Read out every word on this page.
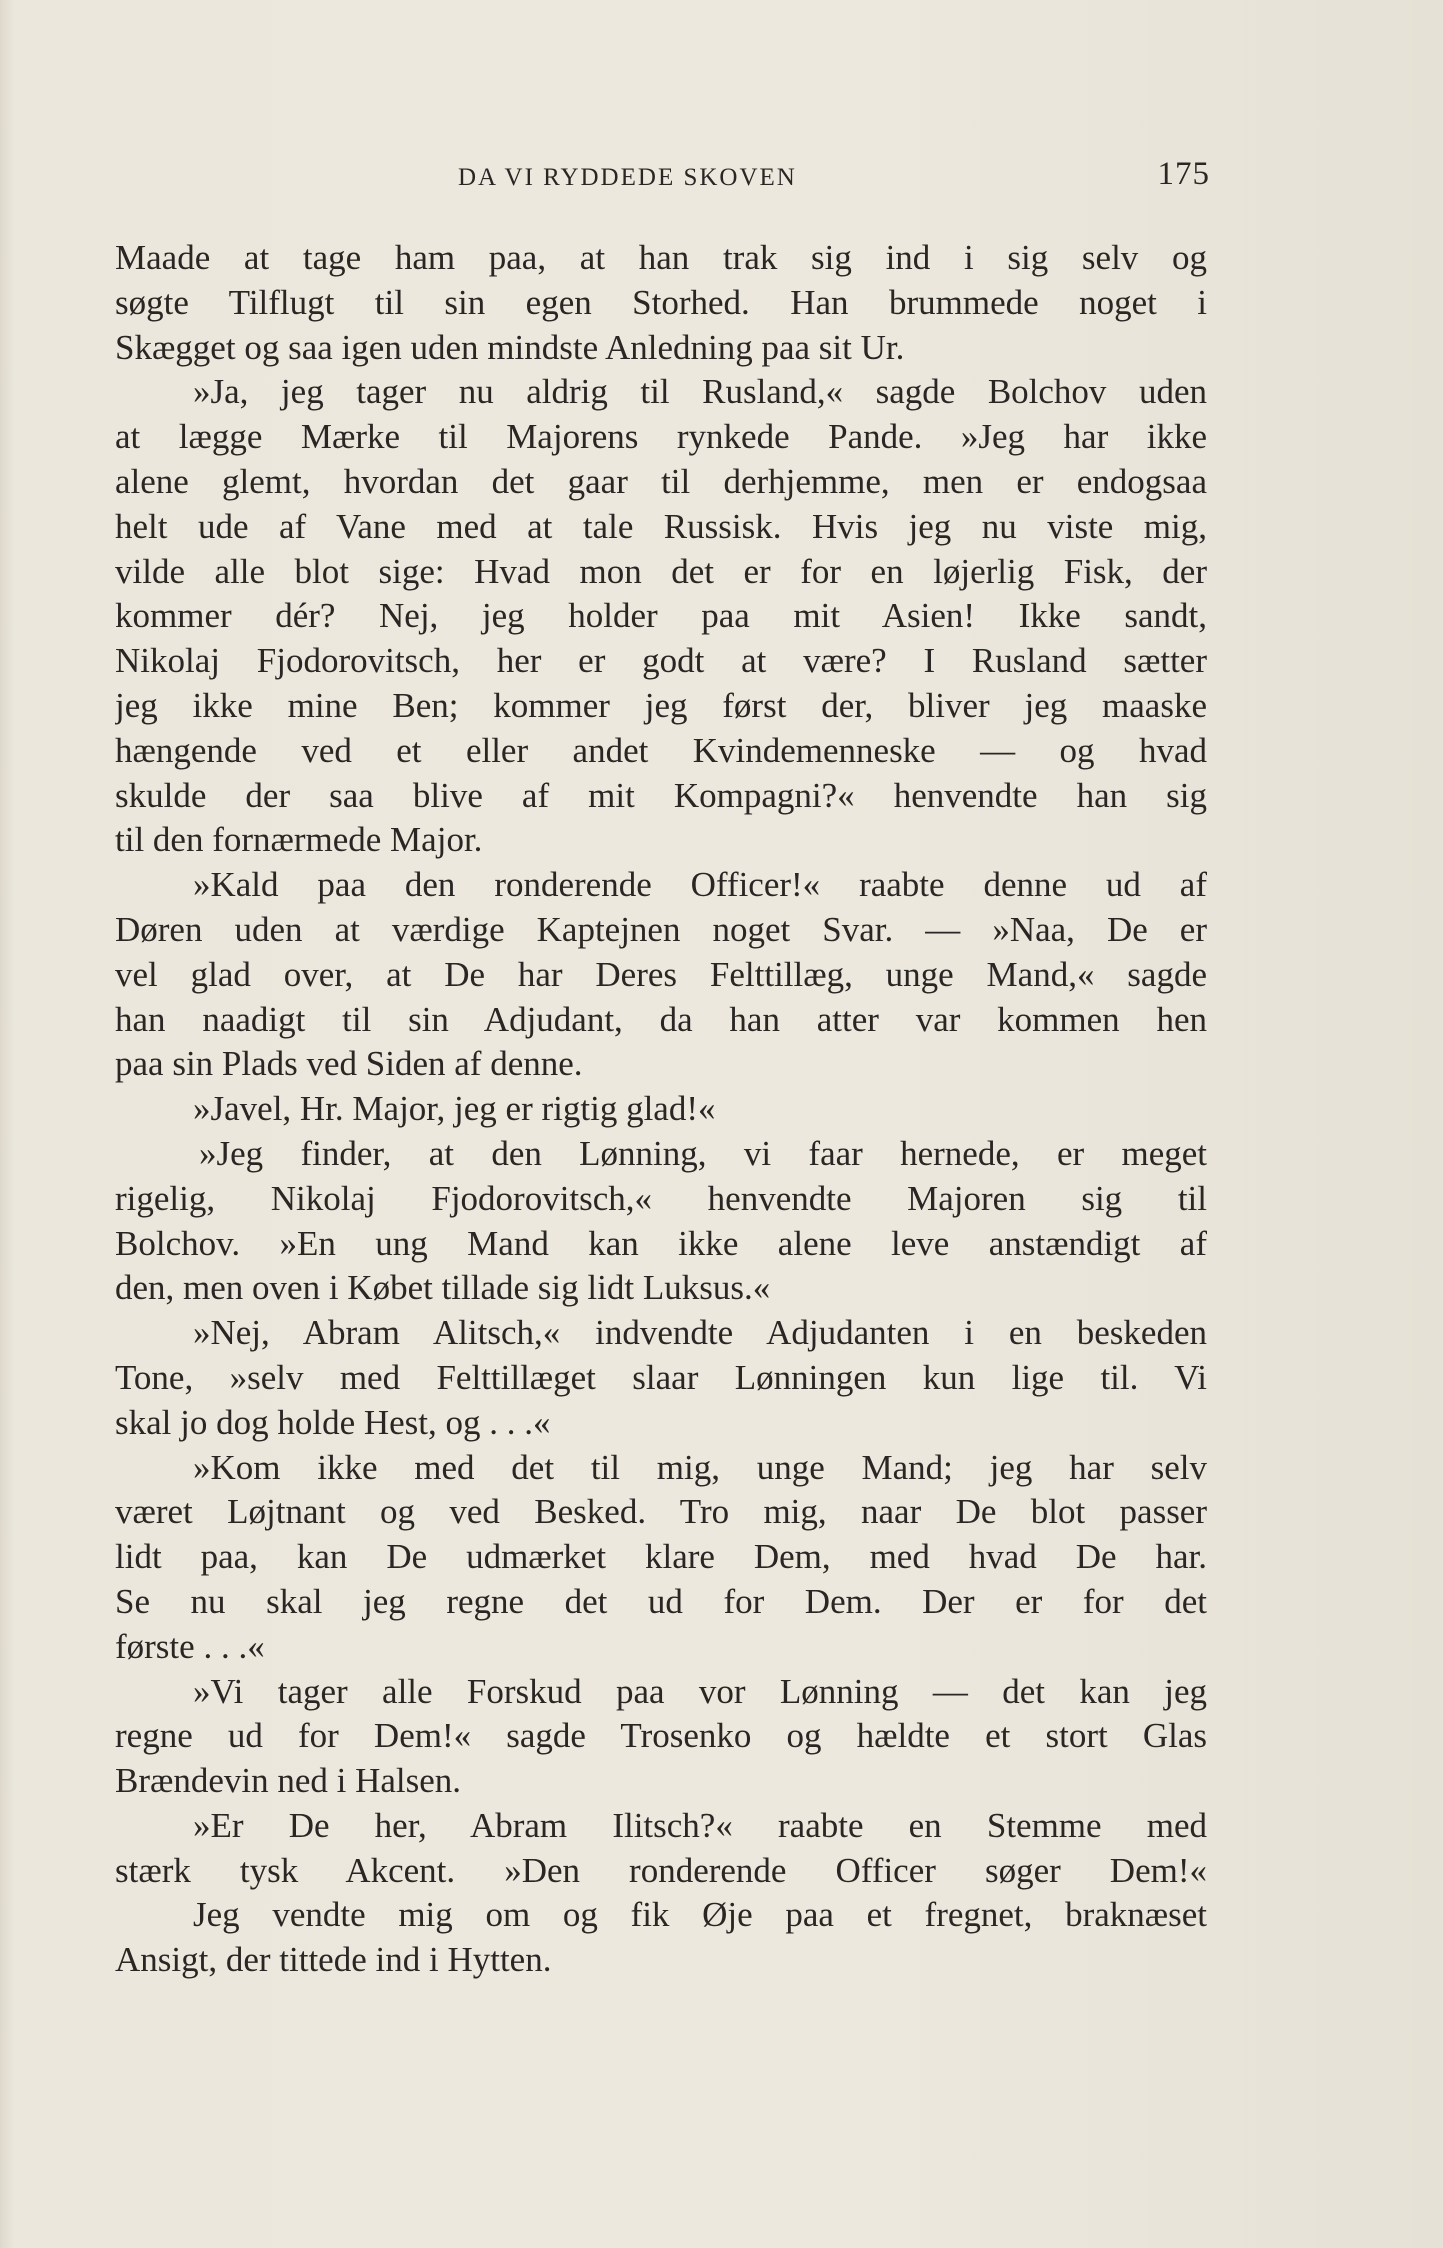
DA VI RYDDEDE SKOVEN	175
Maade at tage ham paa, at han trak sig ind i sig selv og
søgte Tilflugt til sin egen Storhed. Han brummede noget i
Skægget og saa igen uden mindste Anledning paa sit Ur.
»Ja, jeg tager nu aldrig til Rusland,« sagde Bolchov uden
at lægge Mærke til Majorens rynkede Pande. »Jeg har ikke
alene glemt, hvordan det gaar til derhjemme, men er endogsaa
helt ude af Vane med at tale Russisk. Hvis jeg nu viste mig,
vilde alle blot sige: Hvad mon det er for en løjerlig Fisk, der
kommer dér? Nej, jeg holder paa mit Asien! Ikke sandt,
Nikolaj Fjodorovitsch, her er godt at være? I Rusland sætter
jeg ikke mine Ben; kommer jeg først der, bliver jeg maaske
hængende ved et eller andet Kvindemenneske — og hvad
skulde der saa blive af mit Kompagni?« henvendte han sig
til den fornærmede Major.
»Kald paa den ronderende Officer!« raabte denne ud af
Døren uden at værdige Kaptejnen noget Svar. — »Naa, De er
vel glad over, at De har Deres Felttillæg, unge Mand,« sagde
han naadigt til sin Adjudant, da han atter var kommen hen
paa sin Plads ved Siden af denne.
»Javel, Hr. Major, jeg er rigtig glad!«
»Jeg finder, at den Lønning, vi faar hernede, er meget
rigelig, Nikolaj Fjodorovitsch,« henvendte Majoren sig til
Bolchov. »En ung Mand kan ikke alene leve anstændigt af
den, men oven i Købet tillade sig lidt Luksus.«
»Nej, Abram Alitsch,« indvendte Adjudanten i en beskeden
Tone, »selv med Felttillæget slaar Lønningen kun lige til. Vi
skal jo dog holde Hest, og . . .«
»Kom ikke med det til mig, unge Mand; jeg har selv
været Løjtnant og ved Besked. Tro mig, naar De blot passer
lidt paa, kan De udmærket klare Dem, med hvad De har.
Se nu skal jeg regne det ud for Dem. Der er for det
første . . .«
»Vi tager alle Forskud paa vor Lønning — det kan jeg
regne ud for Dem!« sagde Trosenko og hældte et stort Glas
Brændevin ned i Halsen.
»Er De her, Abram Ilitsch?« raabte en Stemme med
stærk tysk Akcent. »Den ronderende Officer søger Dem!«
Jeg vendte mig om og fik Øje paa et fregnet, braknæset
Ansigt, der tittede ind i Hytten.
